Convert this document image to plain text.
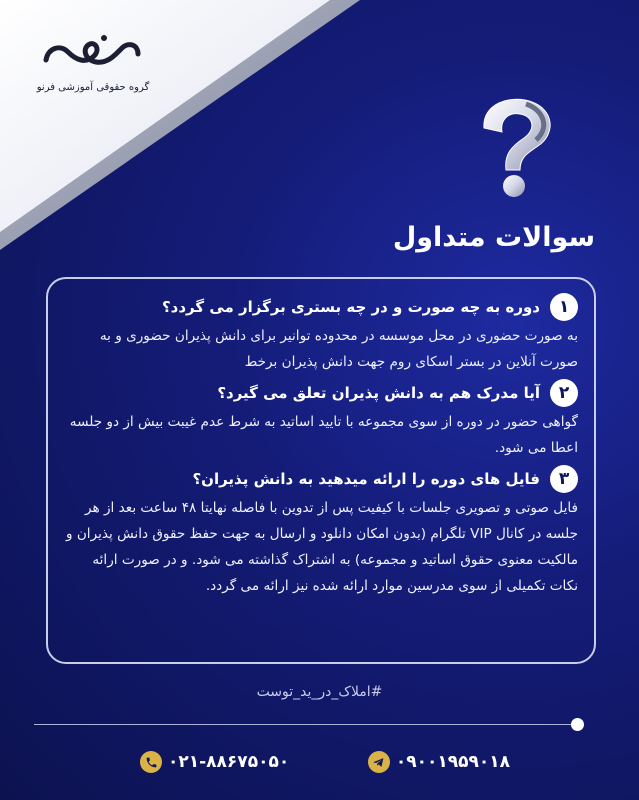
گروه حقوقی آموزشی فرنو
سوالات متداول
۱
دوره به چه صورت و در چه بستری برگزار می گردد؟
به صورت حضوری در محل موسسه در محدوده توانیر برای دانش پذیران حضوری و به صورت آنلاین در بستر اسکای روم جهت دانش پذیران برخط
۲
آیا مدرک هم به دانش پذیران تعلق می گیرد؟
گواهی حضور در دوره از سوی مجموعه با تایید اساتید به شرط عدم غیبت بیش از دو جلسه اعطا می شود.
۳
فایل های دوره را ارائه میدهید به دانش پذیران؟
فایل صوتی و تصویری جلسات با کیفیت پس از تدوین با فاصله نهایتا ۴۸ ساعت بعد از هر جلسه در کانال VIP تلگرام (بدون امکان دانلود و ارسال به جهت حفظ حقوق دانش پذیران و مالکیت معنوی حقوق اساتید و مجموعه) به اشتراک گذاشته می شود. و در صورت ارائه نکات تکمیلی از سوی مدرسین موارد ارائه شده نیز ارائه می گردد.
#املاک_در_ید_توست
۰۲۱-۸۸۶۷۵۰۵۰	۰۹۰۰۱۹۵۹۰۱۸
